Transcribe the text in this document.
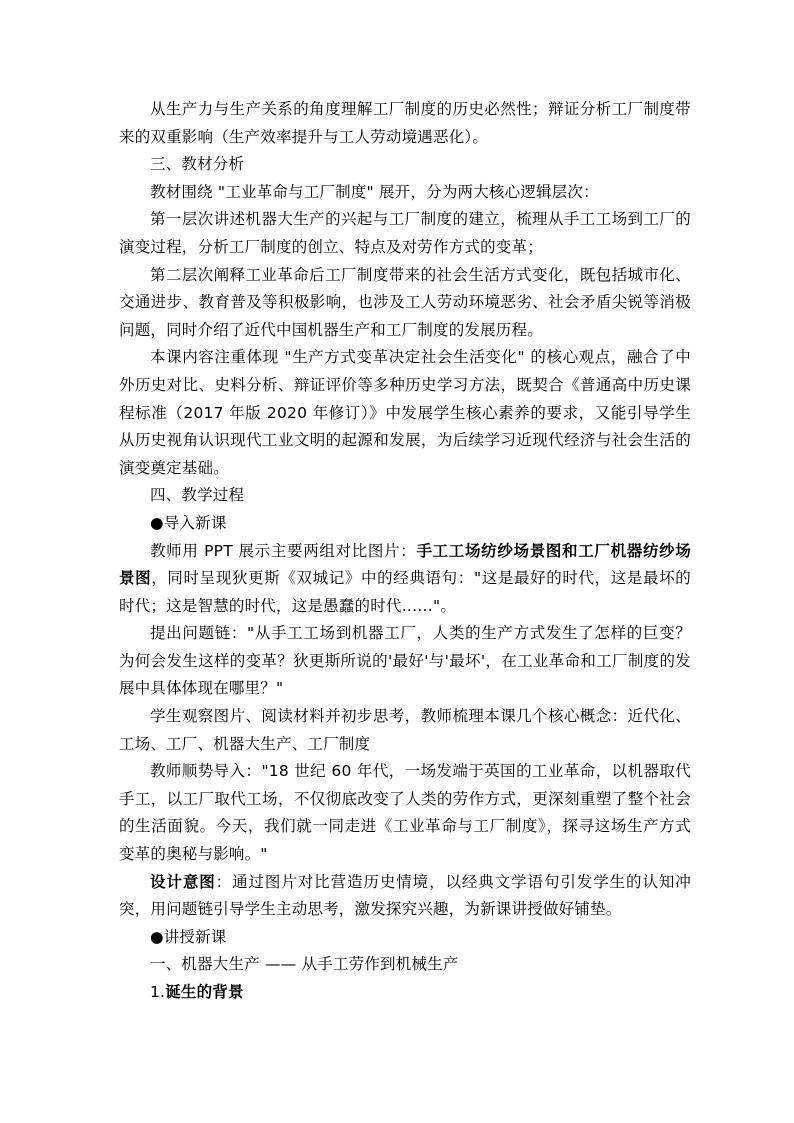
从生产力与生产关系的角度理解工厂制度的历史必然性；辩证分析工厂制度带来的双重影响（生产效率提升与工人劳动境遇恶化）。

三、教材分析

教材围绕 "工业革命与工厂制度" 展开，分为两大核心逻辑层次：

第一层次讲述机器大生产的兴起与工厂制度的建立，梳理从手工工场到工厂的演变过程，分析工厂制度的创立、特点及对劳作方式的变革；

第二层次阐释工业革命后工厂制度带来的社会生活方式变化，既包括城市化、交通进步、教育普及等积极影响，也涉及工人劳动环境恶劣、社会矛盾尖锐等消极问题，同时介绍了近代中国机器生产和工厂制度的发展历程。

本课内容注重体现 "生产方式变革决定社会生活变化" 的核心观点，融合了中外历史对比、史料分析、辩证评价等多种历史学习方法，既契合《普通高中历史课程标准（2017 年版 2020 年修订）》中发展学生核心素养的要求，又能引导学生从历史视角认识现代工业文明的起源和发展，为后续学习近现代经济与社会生活的演变奠定基础。

四、教学过程

●导入新课

教师用 PPT 展示主要两组对比图片：手工工场纺纱场景图和工厂机器纺纱场景图，同时呈现狄更斯《双城记》中的经典语句："这是最好的时代，这是最坏的时代；这是智慧的时代，这是愚蠢的时代……"。

提出问题链："从手工工场到机器工厂，人类的生产方式发生了怎样的巨变？为何会发生这样的变革？狄更斯所说的'最好'与'最坏'，在工业革命和工厂制度的发展中具体体现在哪里？"

学生观察图片、阅读材料并初步思考，教师梳理本课几个核心概念：近代化、工场、工厂、机器大生产、工厂制度

教师顺势导入："18 世纪 60 年代，一场发端于英国的工业革命，以机器取代手工，以工厂取代工场，不仅彻底改变了人类的劳作方式，更深刻重塑了整个社会的生活面貌。今天，我们就一同走进《工业革命与工厂制度》，探寻这场生产方式变革的奥秘与影响。"

设计意图：通过图片对比营造历史情境，以经典文学语句引发学生的认知冲突，用问题链引导学生主动思考，激发探究兴趣，为新课讲授做好铺垫。

●讲授新课

一、机器大生产 —— 从手工劳作到机械生产

1.诞生的背景
